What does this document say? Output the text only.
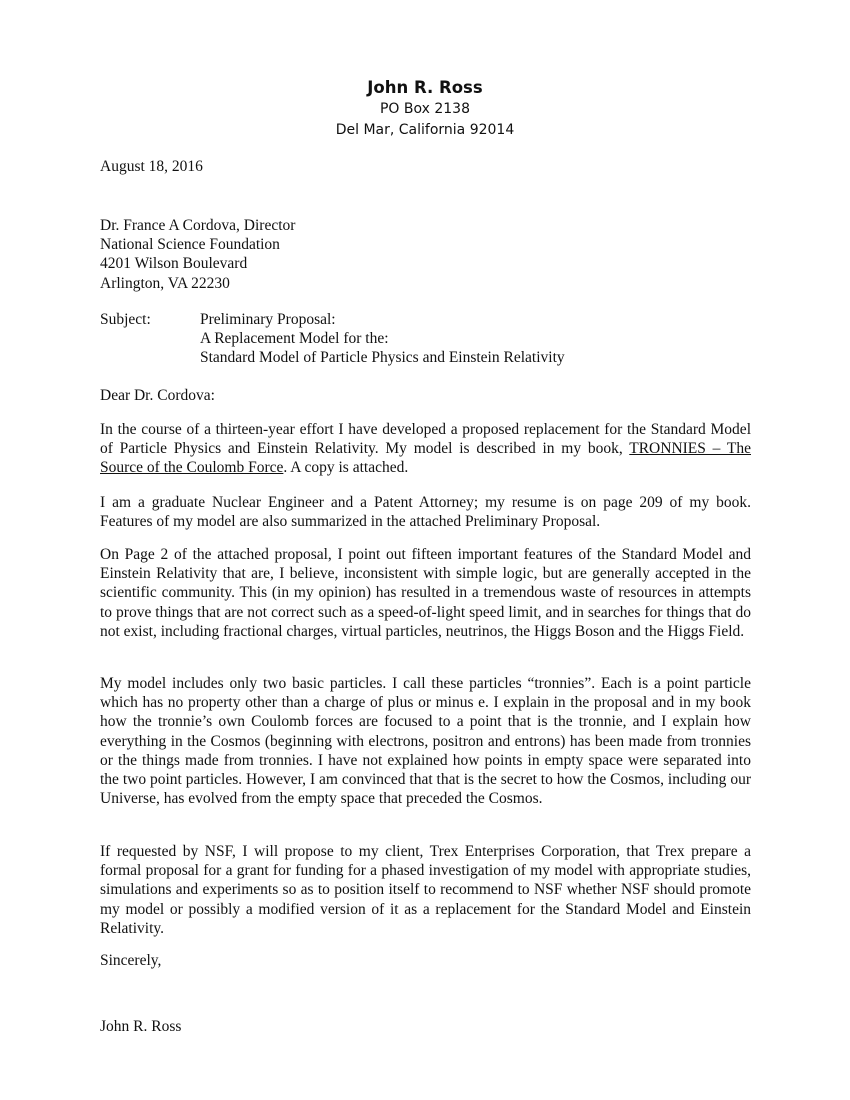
John R. Ross
PO Box 2138
Del Mar, California 92014
August 18, 2016
Dr. France A Cordova, Director
National Science Foundation
4201 Wilson Boulevard
Arlington, VA 22230
Subject:	Preliminary Proposal:
A Replacement Model for the:
Standard Model of Particle Physics and Einstein Relativity
Dear Dr. Cordova:
In the course of a thirteen-year effort I have developed a proposed replacement for the Standard Model of Particle Physics and Einstein Relativity. My model is described in my book, TRONNIES – The Source of the Coulomb Force. A copy is attached.
I am a graduate Nuclear Engineer and a Patent Attorney; my resume is on page 209 of my book. Features of my model are also summarized in the attached Preliminary Proposal.
On Page 2 of the attached proposal, I point out fifteen important features of the Standard Model and Einstein Relativity that are, I believe, inconsistent with simple logic, but are generally accepted in the scientific community. This (in my opinion) has resulted in a tremendous waste of resources in attempts to prove things that are not correct such as a speed-of-light speed limit, and in searches for things that do not exist, including fractional charges, virtual particles, neutrinos, the Higgs Boson and the Higgs Field.
My model includes only two basic particles. I call these particles “tronnies”. Each is a point particle which has no property other than a charge of plus or minus e. I explain in the proposal and in my book how the tronnie’s own Coulomb forces are focused to a point that is the tronnie, and I explain how everything in the Cosmos (beginning with electrons, positron and entrons) has been made from tronnies or the things made from tronnies. I have not explained how points in empty space were separated into the two point particles. However, I am convinced that that is the secret to how the Cosmos, including our Universe, has evolved from the empty space that preceded the Cosmos.
If requested by NSF, I will propose to my client, Trex Enterprises Corporation, that Trex prepare a formal proposal for a grant for funding for a phased investigation of my model with appropriate studies, simulations and experiments so as to position itself to recommend to NSF whether NSF should promote my model or possibly a modified version of it as a replacement for the Standard Model and Einstein Relativity.
Sincerely,
John R. Ross
